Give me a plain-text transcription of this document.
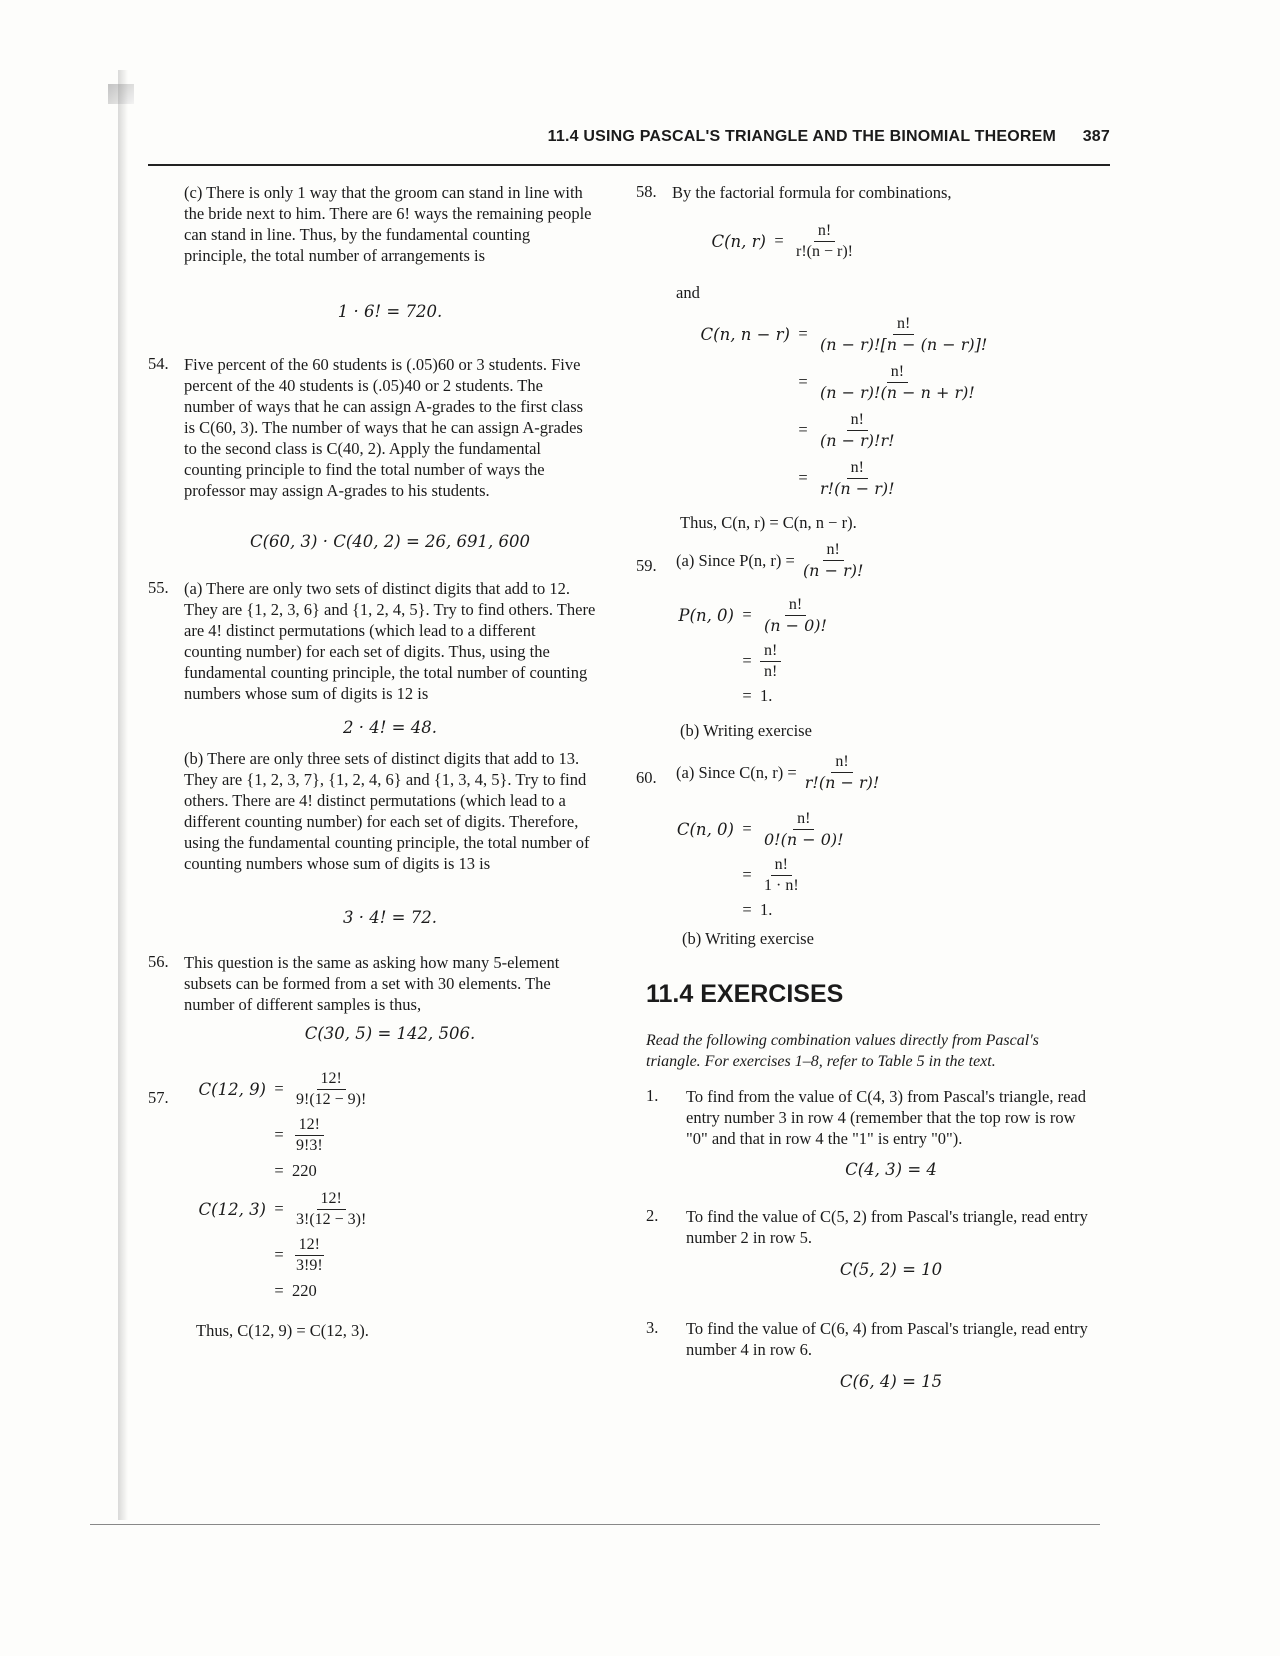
11.4 USING PASCAL'S TRIANGLE AND THE BINOMIAL THEOREM 387
(c) There is only 1 way that the groom can stand in line with the bride next to him. There are 6! ways the remaining people can stand in line. Thus, by the fundamental counting principle, the total number of arrangements is
1 · 6! = 720.
54. Five percent of the 60 students is (.05)60 or 3 students. Five percent of the 40 students is (.05)40 or 2 students. The number of ways that he can assign A-grades to the first class is C(60, 3). The number of ways that he can assign A-grades to the second class is C(40, 2). Apply the fundamental counting principle to find the total number of ways the professor may assign A-grades to his students.
C(60, 3) · C(40, 2) = 26, 691, 600
55. (a) There are only two sets of distinct digits that add to 12. They are {1, 2, 3, 6} and {1, 2, 4, 5}. Try to find others. There are 4! distinct permutations (which lead to a different counting number) for each set of digits. Thus, using the fundamental counting principle, the total number of counting numbers whose sum of digits is 12 is
2 · 4! = 48.
(b) There are only three sets of distinct digits that add to 13. They are {1, 2, 3, 7}, {1, 2, 4, 6} and {1, 3, 4, 5}. Try to find others. There are 4! distinct permutations (which lead to a different counting number) for each set of digits. Therefore, using the fundamental counting principle, the total number of counting numbers whose sum of digits is 13 is
3 · 4! = 72.
56. This question is the same as asking how many 5-element subsets can be formed from a set with 30 elements. The number of different samples is thus,
C(30, 5) = 142, 506.
57.	C(12, $9) = \frac{12!}{9!(12 - 9)!}$
= $\frac{12!}{9!3!}$
= 220
C(12, $3) = \frac{12!}{3!(12 - 3)!}$
= $\frac{12!}{3!9!}$
= 220
Thus, C(12, 9) = C(12, 3).
58. By the factorial formula for combinations,
C(n, $r) = \frac{n!}{r!(n - r)!}$
and
C(n, $n - r) = \frac{n!}{(n - r)![n - (n - r)]!}$
= $\frac{n!}{(n - r)!(n - n + r)!}$
= $\frac{n!}{(n - r)!r!}$
= $\frac{n!}{r!(n - r)!}$
Thus, C(n, r) = C(n, n − r).
59. (a) Since P(n, r) =
$\frac{n!}{(n - r)!}$
P(n, $0) = \frac{n!}{(n - 0)!}$
= $\frac{n!}{n!}$
= 1.
(b) Writing exercise
60. (a) Since C(n, r) =
$\frac{n!}{r!(n - r)!}$
C(n, $0) = \frac{n!}{0!(n - 0)!}$
= $\frac{n!}{1 \cdot n!}$
= 1.
(b) Writing exercise
11.4 EXERCISES
Read the following combination values directly from Pascal's triangle. For exercises 1–8, refer to Table 5 in the text.
1. To find from the value of C(4, 3) from Pascal's triangle, read entry number 3 in row 4 (remember that the top row is row "0" and that in row 4 the "1" is entry "0").
C(4, 3) = 4
2. To find the value of C(5, 2) from Pascal's triangle, read entry number 2 in row 5.
C(5, 2) = 10
3. To find the value of C(6, 4) from Pascal's triangle, read entry number 4 in row 6.
C(6, 4) = 15
